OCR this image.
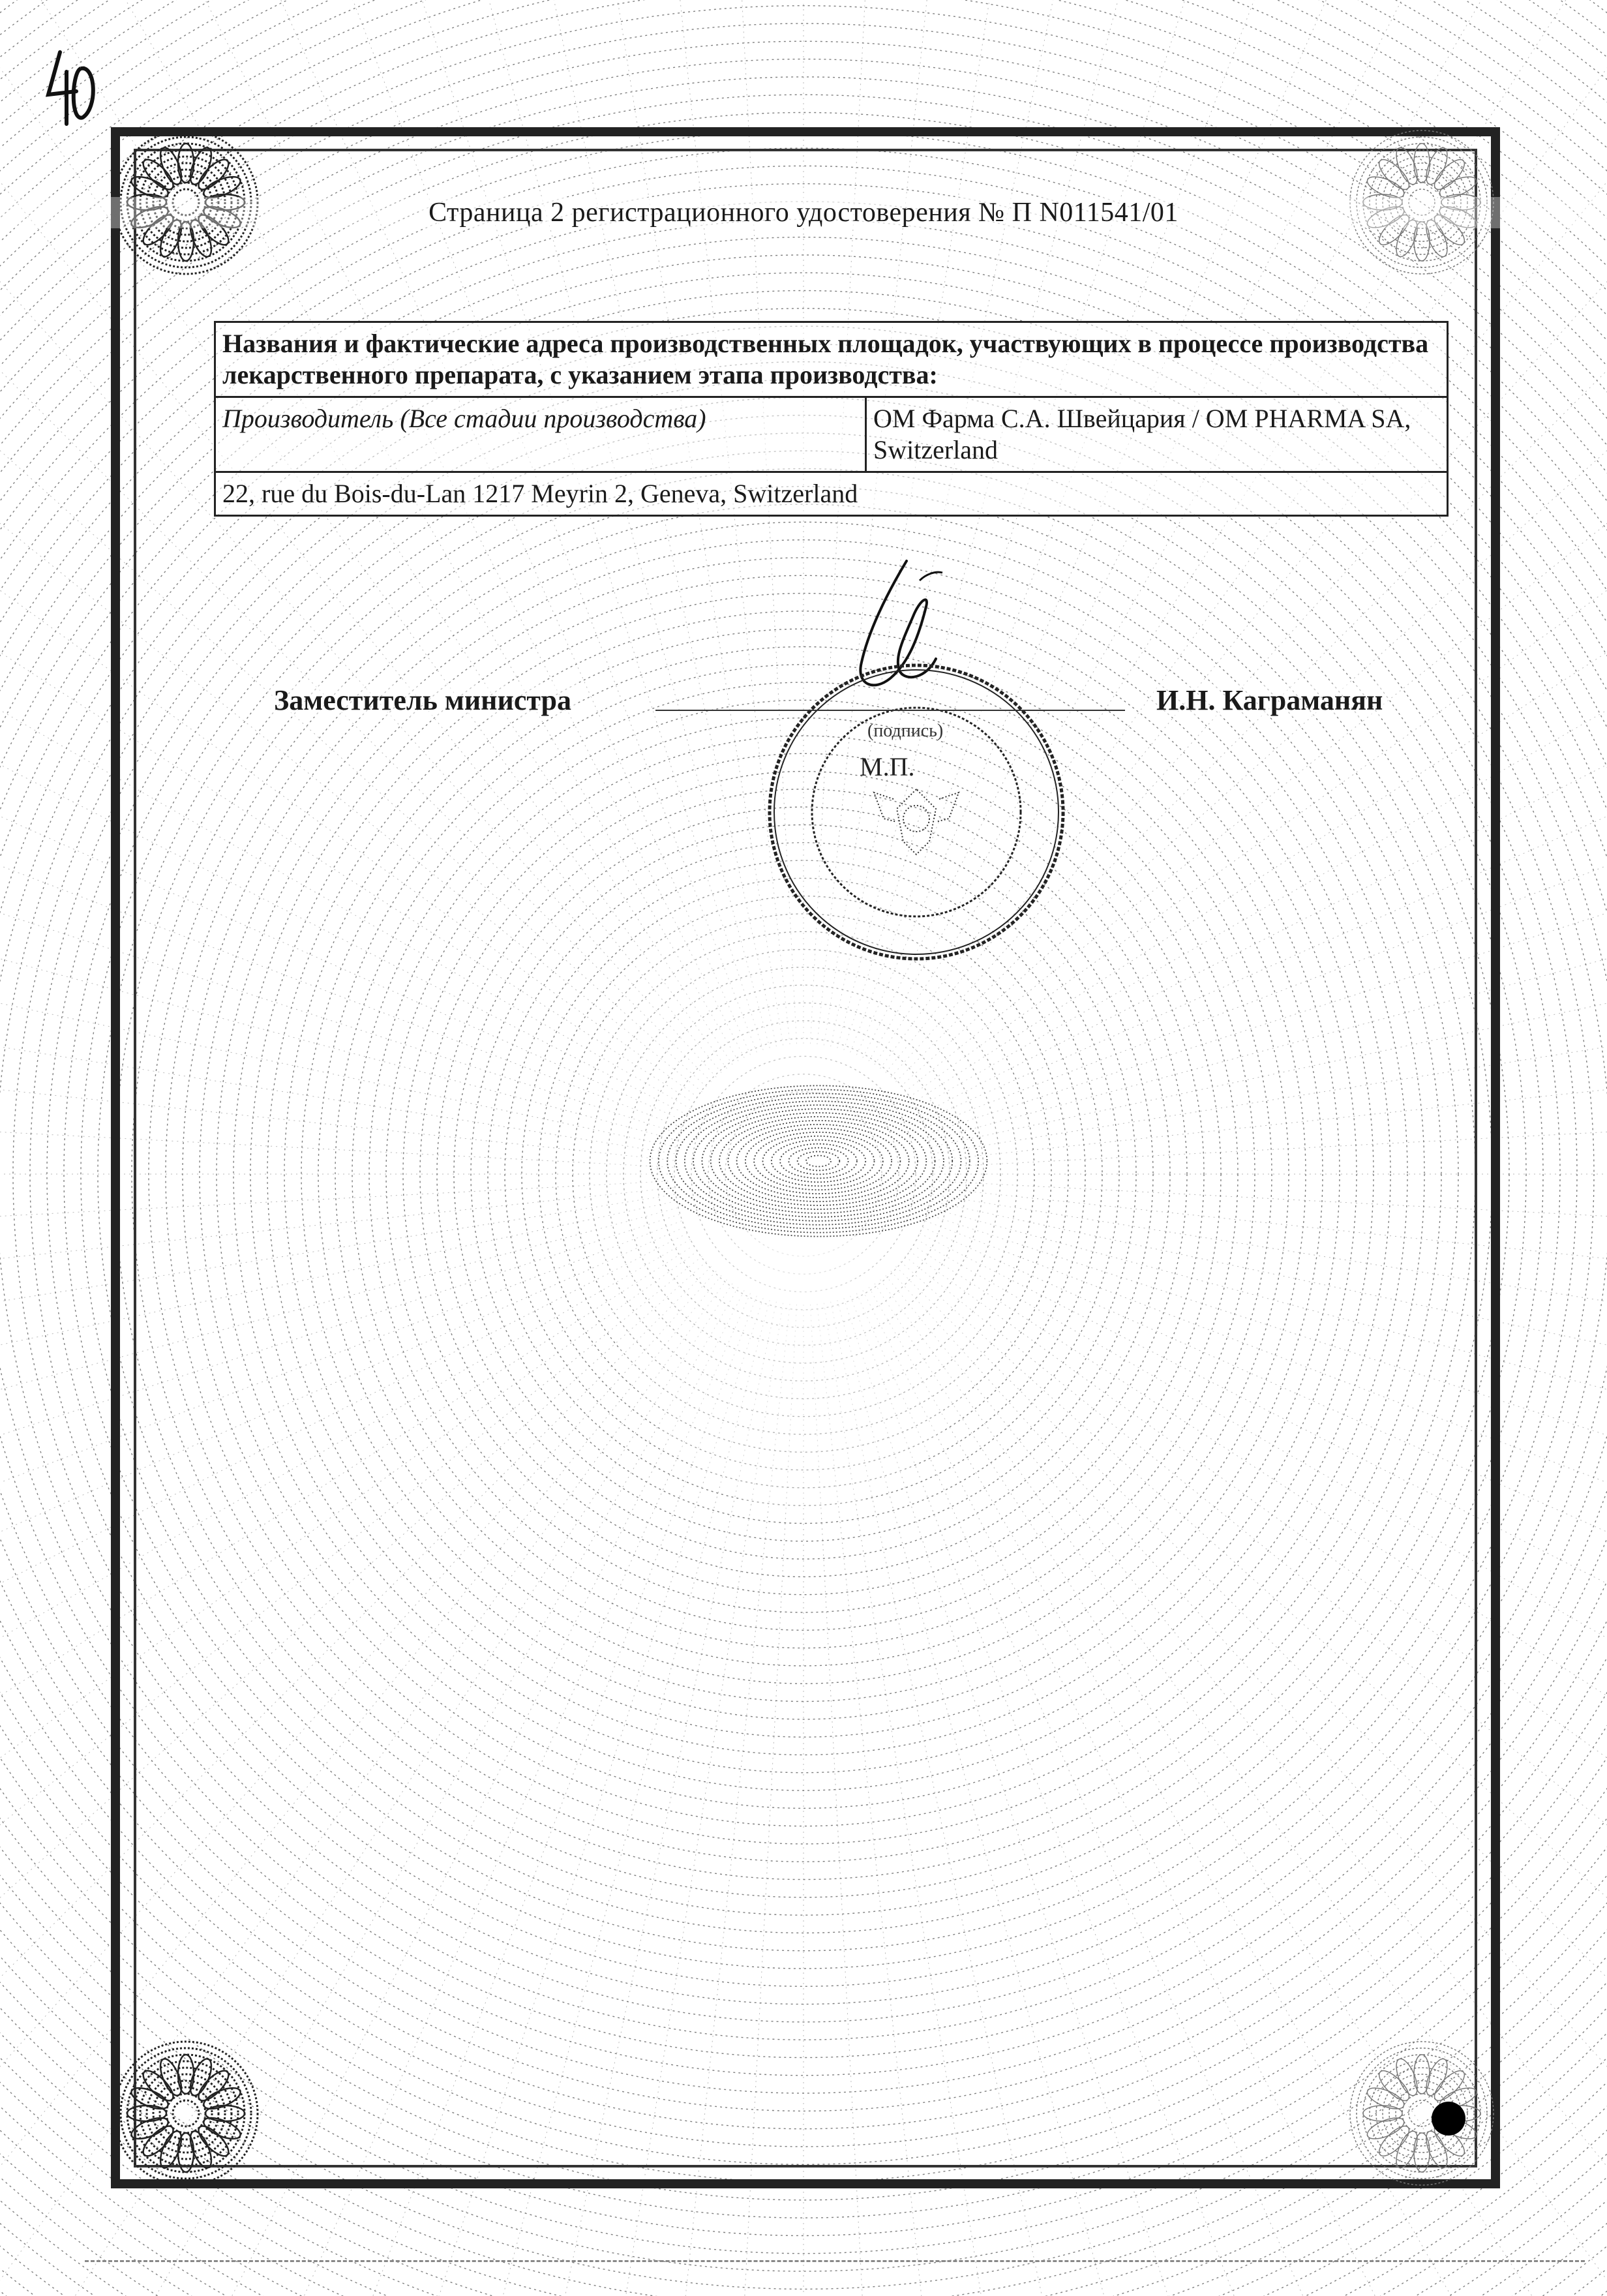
Страница 2 регистрационного удостоверения № П N011541/01
Названия и фактические адреса производственных площадок, участвующих в процессе производства лекарственного препарата, с указанием этапа производства:
Производитель (Все стадии производства)	ОМ Фарма С.А. Швейцария / OM PHARMA SA, Switzerland
22, rue du Bois-du-Lan 1217 Meyrin 2, Geneva, Switzerland
Заместитель министра	И.Н. Каграманян
(подпись)
М.П.
